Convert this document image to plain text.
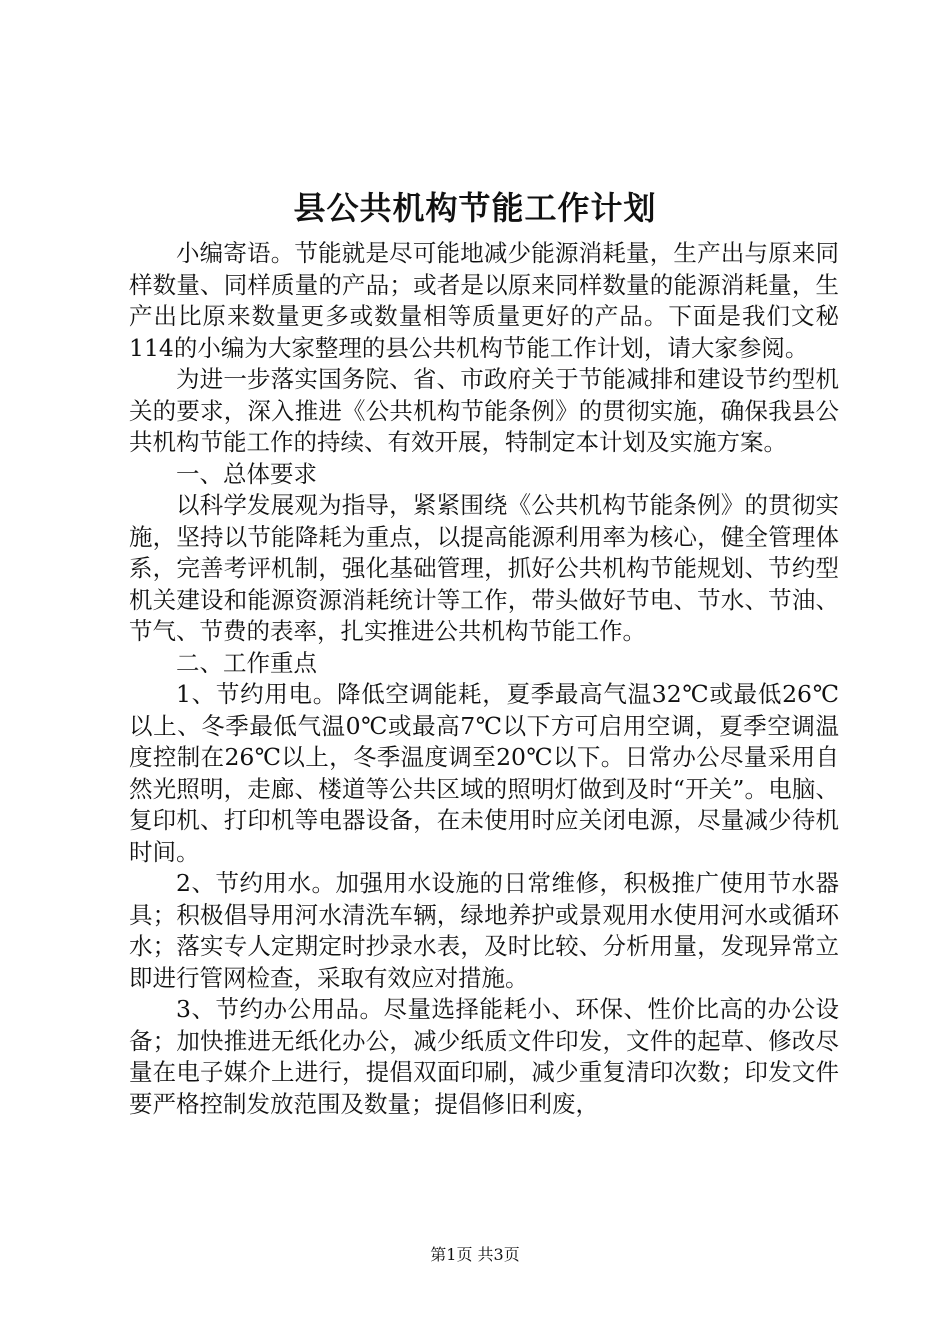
县公共机构节能工作计划

小编寄语。节能就是尽可能地减少能源消耗量，生产出与原来同样数量、同样质量的产品；或者是以原来同样数量的能源消耗量，生产出比原来数量更多或数量相等质量更好的产品。下面是我们文秘114的小编为大家整理的县公共机构节能工作计划，请大家参阅。

为进一步落实国务院、省、市政府关于节能减排和建设节约型机关的要求，深入推进《公共机构节能条例》的贯彻实施，确保我县公共机构节能工作的持续、有效开展，特制定本计划及实施方案。

一、总体要求

以科学发展观为指导，紧紧围绕《公共机构节能条例》的贯彻实施，坚持以节能降耗为重点，以提高能源利用率为核心，健全管理体系，完善考评机制，强化基础管理，抓好公共机构节能规划、节约型机关建设和能源资源消耗统计等工作，带头做好节电、节水、节油、节气、节费的表率，扎实推进公共机构节能工作。

二、工作重点

1、节约用电。降低空调能耗，夏季最高气温32℃或最低26℃以上、冬季最低气温0℃或最高7℃以下方可启用空调，夏季空调温度控制在26℃以上，冬季温度调至20℃以下。日常办公尽量采用自然光照明，走廊、楼道等公共区域的照明灯做到及时“开关”。电脑、复印机、打印机等电器设备，在未使用时应关闭电源，尽量减少待机时间。

2、节约用水。加强用水设施的日常维修，积极推广使用节水器具；积极倡导用河水清洗车辆，绿地养护或景观用水使用河水或循环水；落实专人定期定时抄录水表，及时比较、分析用量，发现异常立即进行管网检查，采取有效应对措施。

3、节约办公用品。尽量选择能耗小、环保、性价比高的办公设备；加快推进无纸化办公，减少纸质文件印发，文件的起草、修改尽量在电子媒介上进行，提倡双面印刷，减少重复清印次数；印发文件要严格控制发放范围及数量；提倡修旧利废，

第1页 共3页
